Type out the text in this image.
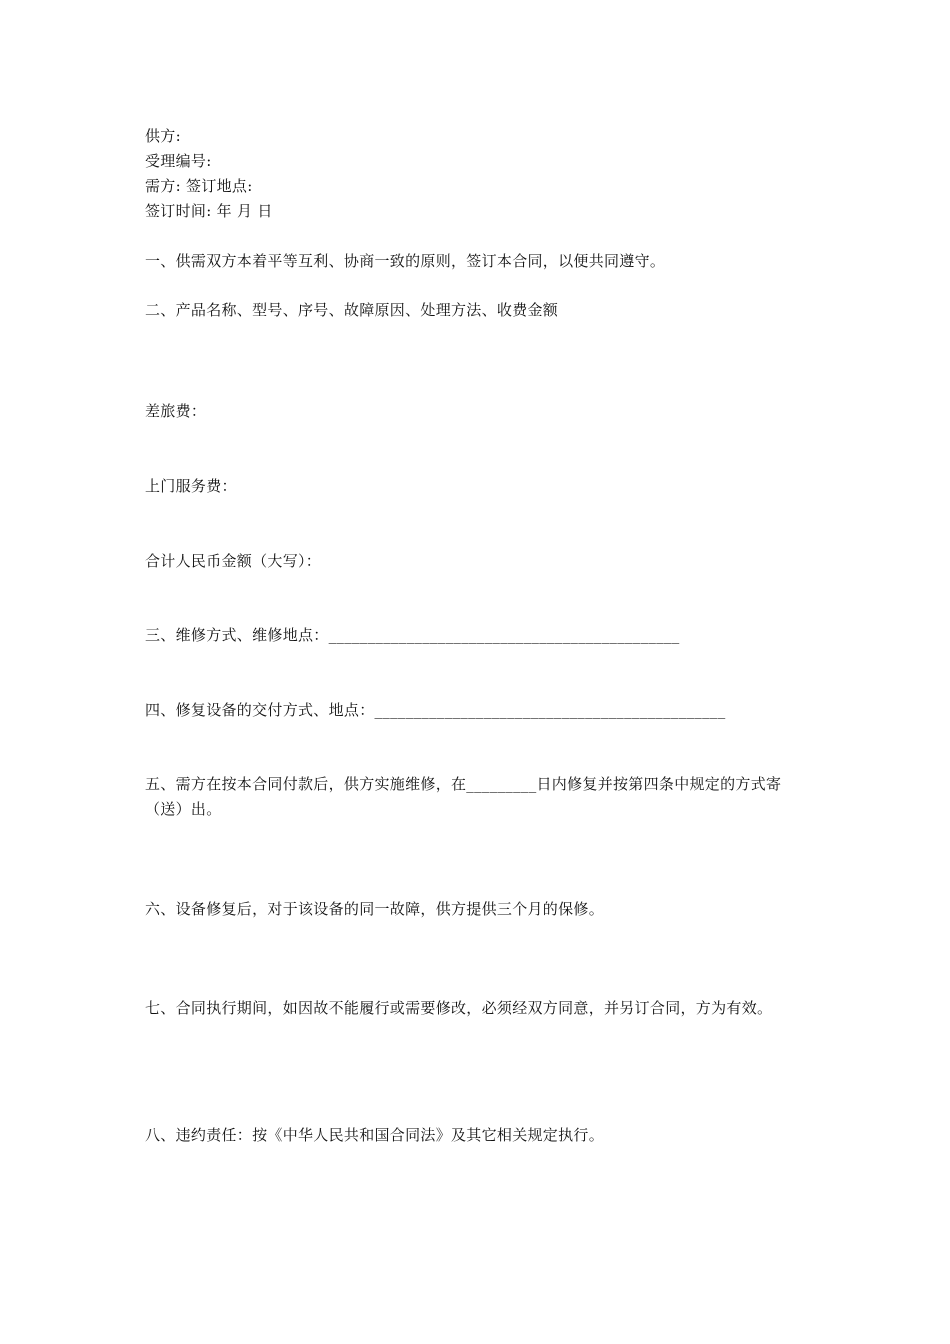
供方:
受理编号:
需方: 签订地点:
签订时间: 年 月 日
一、供需双方本着平等互利、协商一致的原则，签订本合同，以便共同遵守。
二、产品名称、型号、序号、故障原因、处理方法、收费金额
差旅费：
上门服务费：
合计人民币金额（大写）：
三、维修方式、维修地点：_____________________________________________
四、修复设备的交付方式、地点：_____________________________________________
五、需方在按本合同付款后，供方实施维修，在_________日内修复并按第四条中规定的方式寄（送）出。
六、设备修复后，对于该设备的同一故障，供方提供三个月的保修。
七、合同执行期间，如因故不能履行或需要修改，必须经双方同意，并另订合同，方为有效。
八、违约责任：按《中华人民共和国合同法》及其它相关规定执行。
